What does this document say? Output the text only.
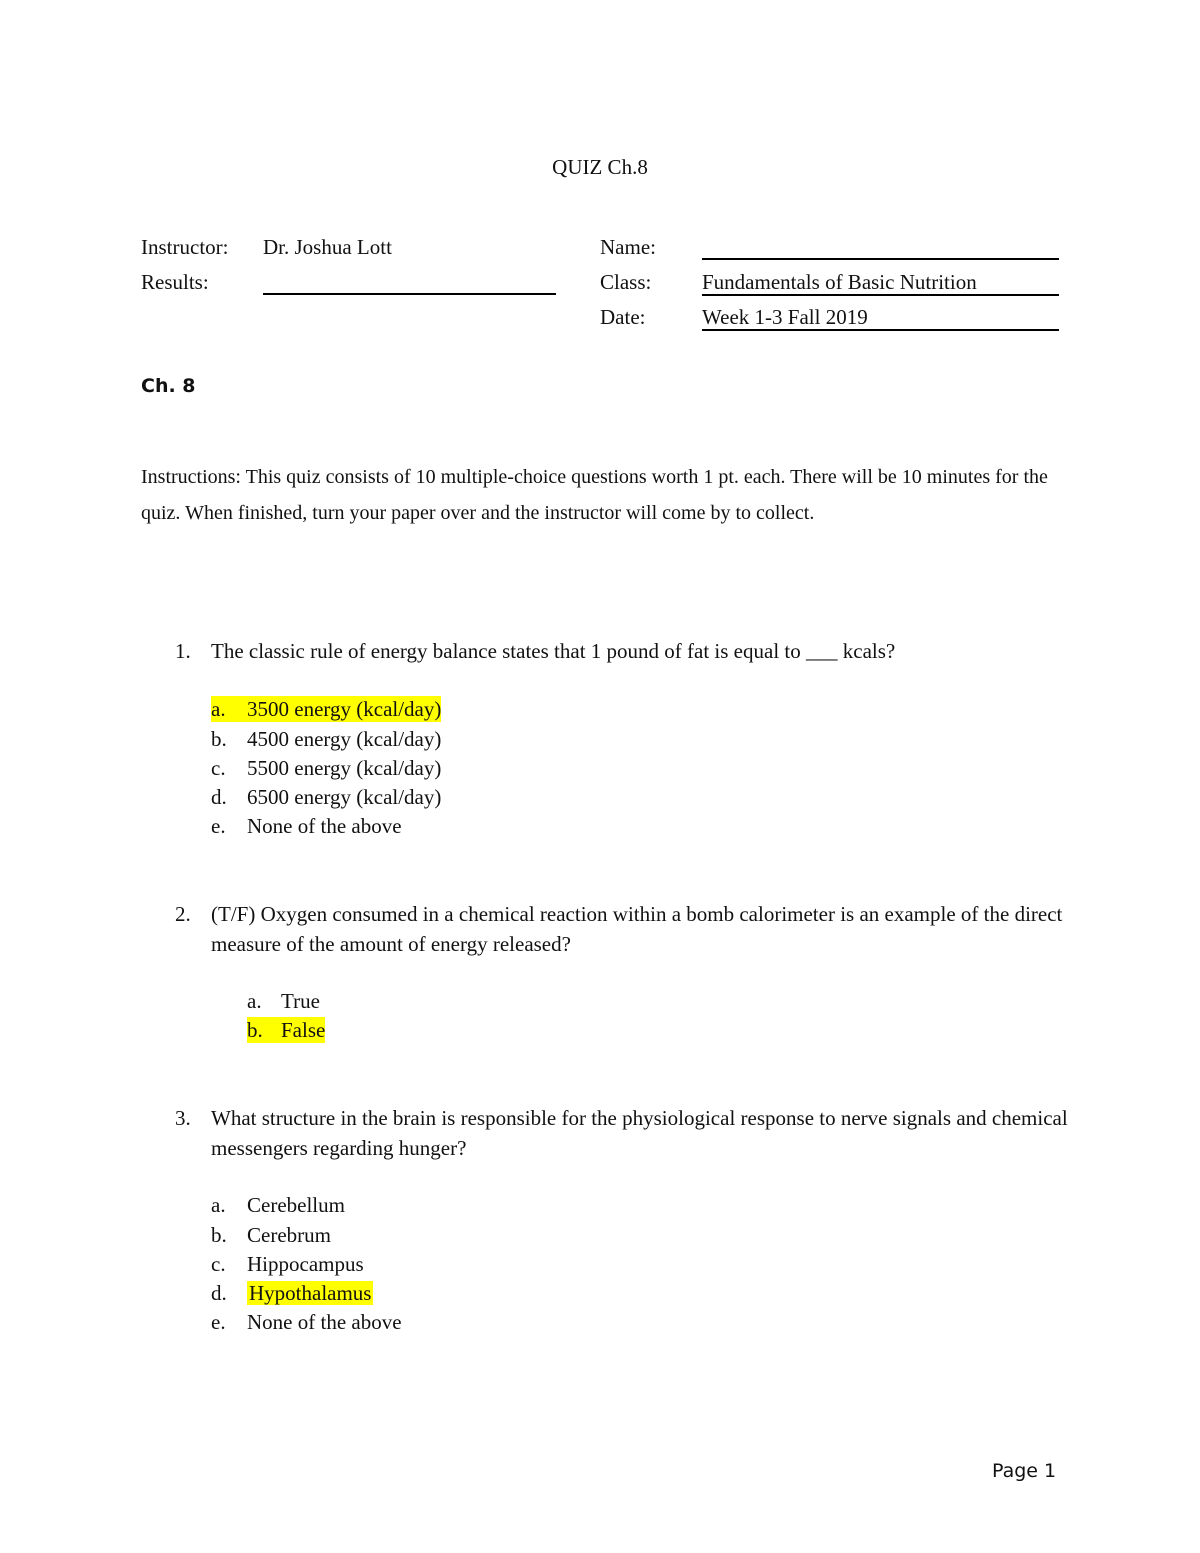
QUIZ Ch.8
Instructor: Dr. Joshua Lott
Results:
Name:
Class: Fundamentals of Basic Nutrition
Date:	Week 1-3 Fall 2019
Ch. 8
Instructions: This quiz consists of 10 multiple-choice questions worth 1 pt. each. There will be 10 minutes for the quiz. When finished, turn your paper over and the instructor will come by to collect.
1. The classic rule of energy balance states that 1 pound of fat is equal to ___ kcals?
a. 3500 energy (kcal/day)
b. 4500 energy (kcal/day)
c. 5500 energy (kcal/day)
d. 6500 energy (kcal/day)
e. None of the above
2. (T/F) Oxygen consumed in a chemical reaction within a bomb calorimeter is an example of the direct measure of the amount of energy released?
a. True
b. False
3. What structure in the brain is responsible for the physiological response to nerve signals and chemical messengers regarding hunger?
a. Cerebellum
b. Cerebrum
c. Hippocampus
d. Hypothalamus
e. None of the above
Page 1
